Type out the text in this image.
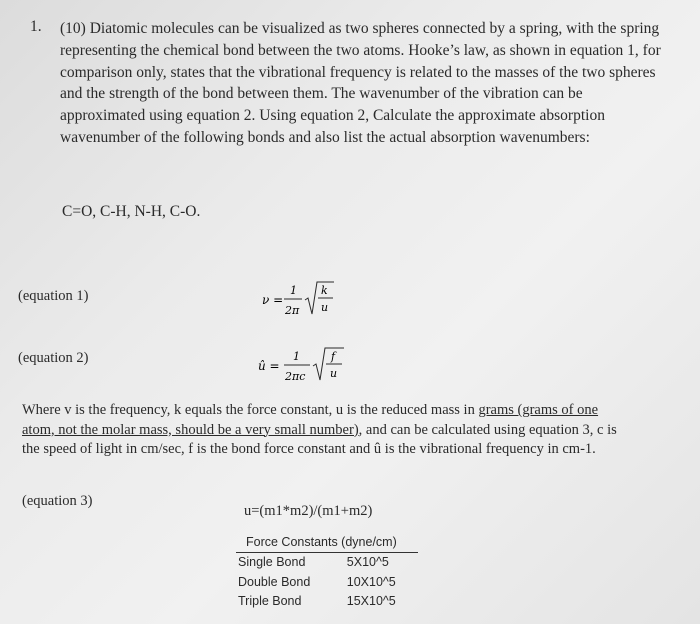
1. (10) Diatomic molecules can be visualized as two spheres connected by a spring, with the spring representing the chemical bond between the two atoms. Hooke’s law, as shown in equation 1, for comparison only, states that the vibrational frequency is related to the masses of the two spheres and the strength of the bond between them. The wavenumber of the vibration can be approximated using equation 2. Using equation 2, Calculate the approximate absorption wavenumber of the following bonds and also list the actual absorption wavenumbers:
C=O, C-H, N-H, C-O.
(equation 1)	ν =
1
2π
k
u
(equation 2)	û =
1
2πc
f
u
Where v is the frequency, k equals the force constant, u is the reduced mass in grams (grams of one atom, not the molar mass, should be a very small number), and can be calculated using equation 3, c is the speed of light in cm/sec, f is the bond force constant and û is the vibrational frequency in cm-1.
(equation 3)
u=(m1*m2)/(m1+m2)
Force Constants (dyne/cm)
Single Bond	5X10^5
Double Bond	10X10^5
Triple Bond	15X10^5
